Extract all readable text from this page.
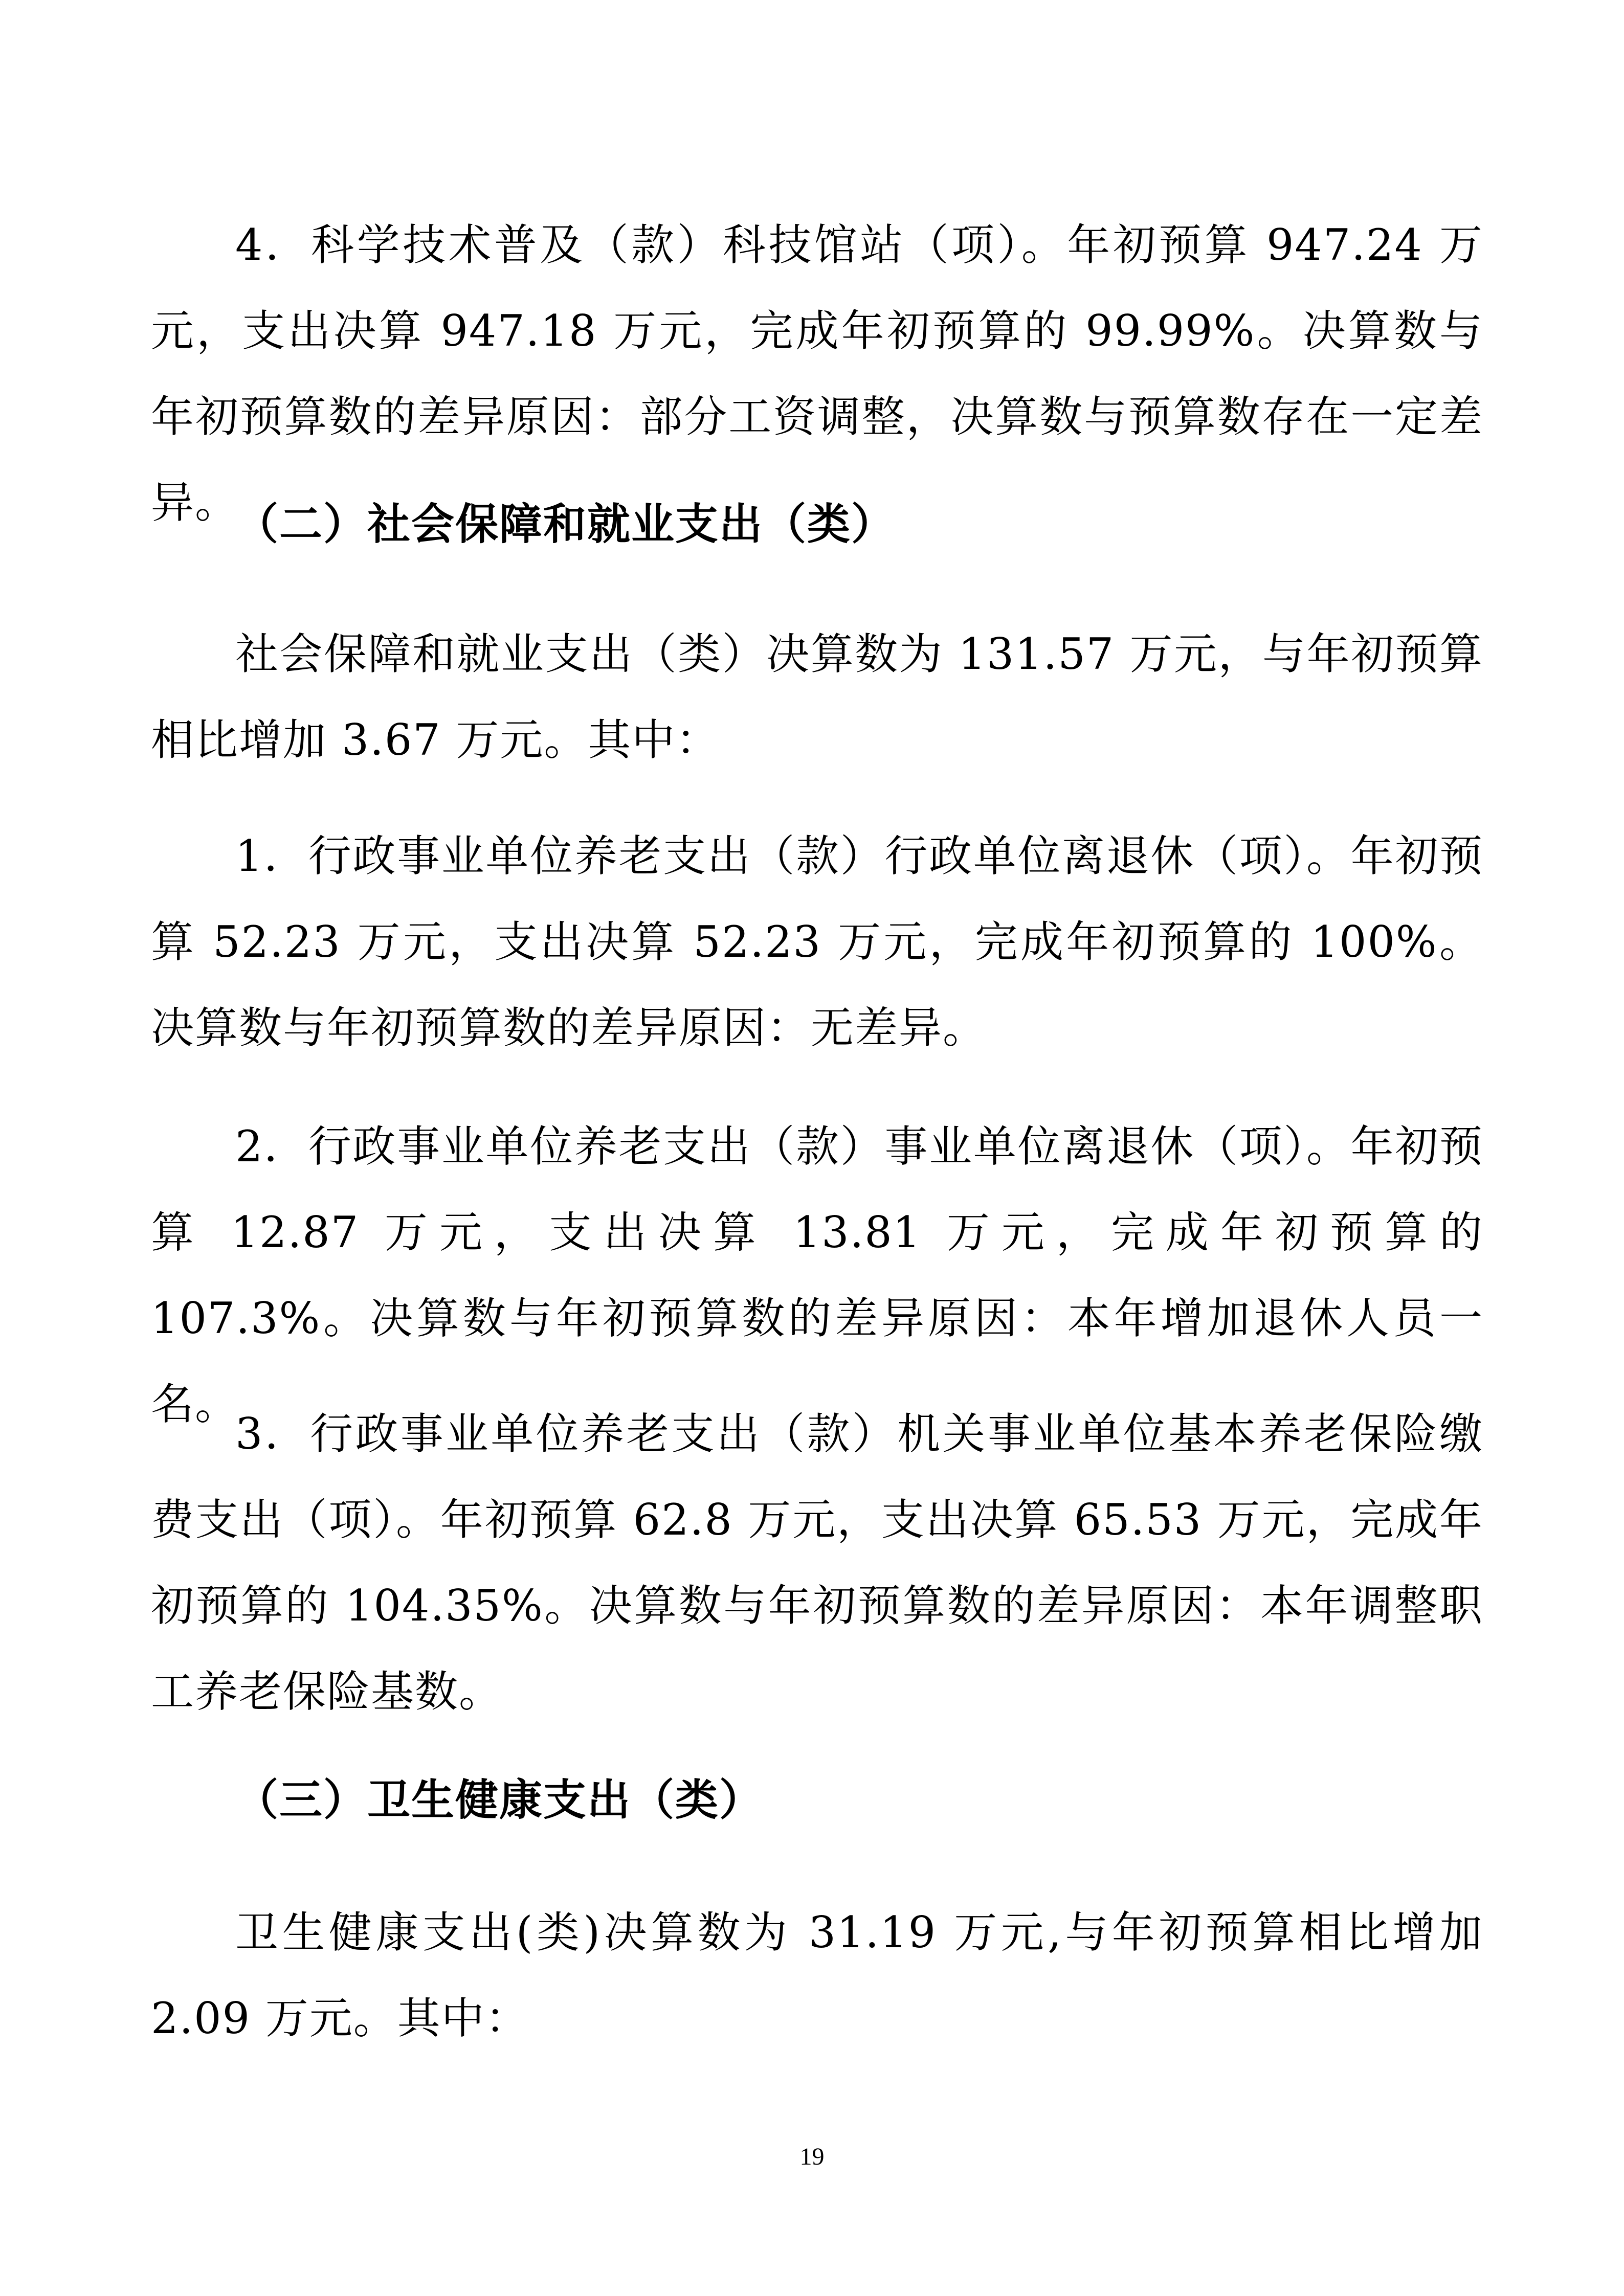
4．科学技术普及（款）科技馆站（项）。年初预算 947.24 万元，支出决算 947.18 万元，完成年初预算的 99.99%。决算数与年初预算数的差异原因：部分工资调整，决算数与预算数存在一定差异。

（二）社会保障和就业支出（类）

社会保障和就业支出（类）决算数为 131.57 万元，与年初预算相比增加 3.67 万元。其中：

1．行政事业单位养老支出（款）行政单位离退休（项）。年初预算 52.23 万元，支出决算 52.23 万元，完成年初预算的 100%。决算数与年初预算数的差异原因：无差异。

2．行政事业单位养老支出（款）事业单位离退休（项）。年初预算 12.87 万元，支出决算 13.81 万元，完成年初预算的 107.3%。决算数与年初预算数的差异原因：本年增加退休人员一名。

3．行政事业单位养老支出（款）机关事业单位基本养老保险缴费支出（项）。年初预算 62.8 万元，支出决算 65.53 万元，完成年初预算的 104.35%。决算数与年初预算数的差异原因：本年调整职工养老保险基数。

（三）卫生健康支出（类）

卫生健康支出(类)决算数为 31.19 万元,与年初预算相比增加 2.09 万元。其中：

19
